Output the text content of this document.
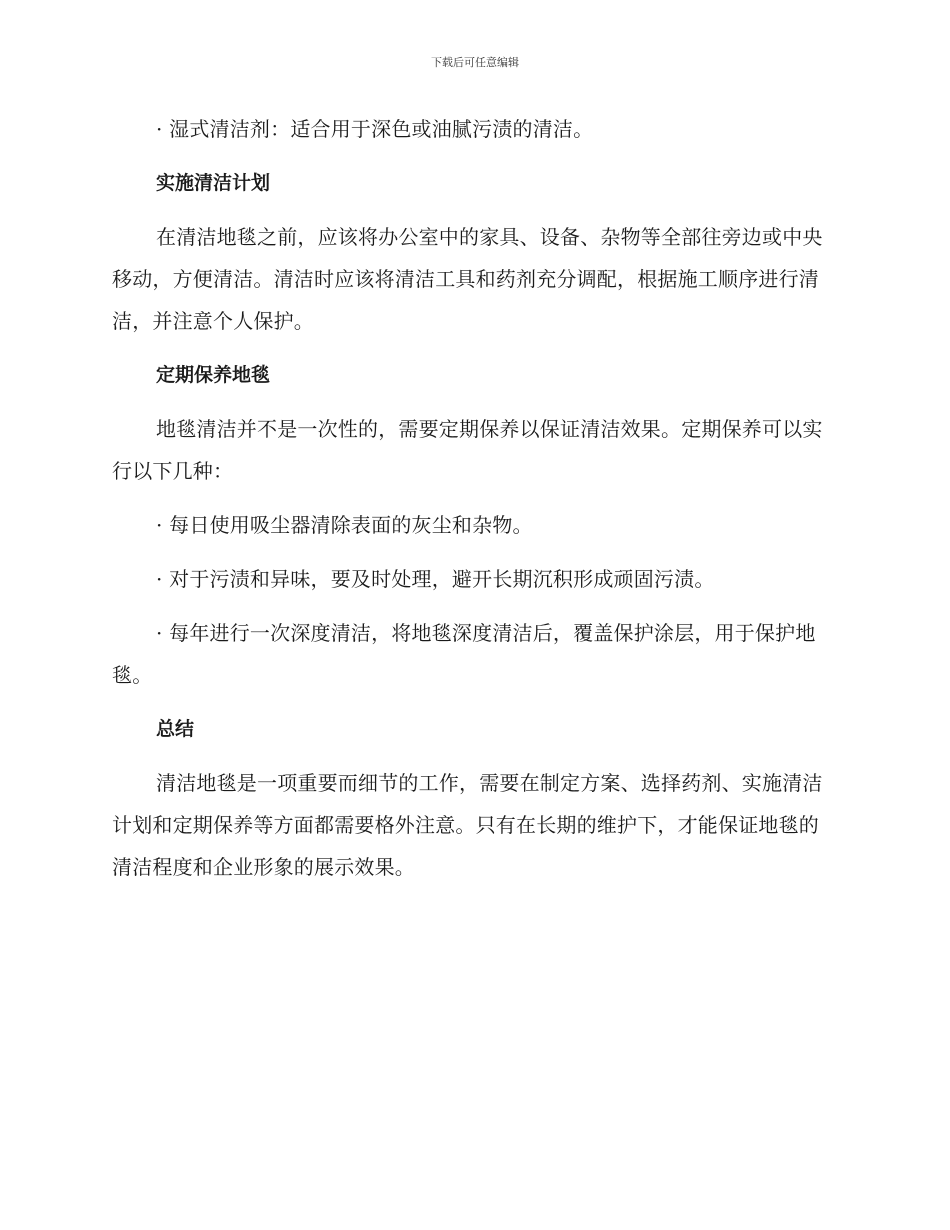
下载后可任意编辑

· 湿式清洁剂：适合用于深色或油腻污渍的清洁。

实施清洁计划

在清洁地毯之前，应该将办公室中的家具、设备、杂物等全部往旁边或中央移动，方便清洁。清洁时应该将清洁工具和药剂充分调配，根据施工顺序进行清洁，并注意个人保护。

定期保养地毯

地毯清洁并不是一次性的，需要定期保养以保证清洁效果。定期保养可以实行以下几种：

· 每日使用吸尘器清除表面的灰尘和杂物。

· 对于污渍和异味，要及时处理，避开长期沉积形成顽固污渍。

· 每年进行一次深度清洁，将地毯深度清洁后，覆盖保护涂层，用于保护地毯。

总结

清洁地毯是一项重要而细节的工作，需要在制定方案、选择药剂、实施清洁计划和定期保养等方面都需要格外注意。只有在长期的维护下，才能保证地毯的清洁程度和企业形象的展示效果。
